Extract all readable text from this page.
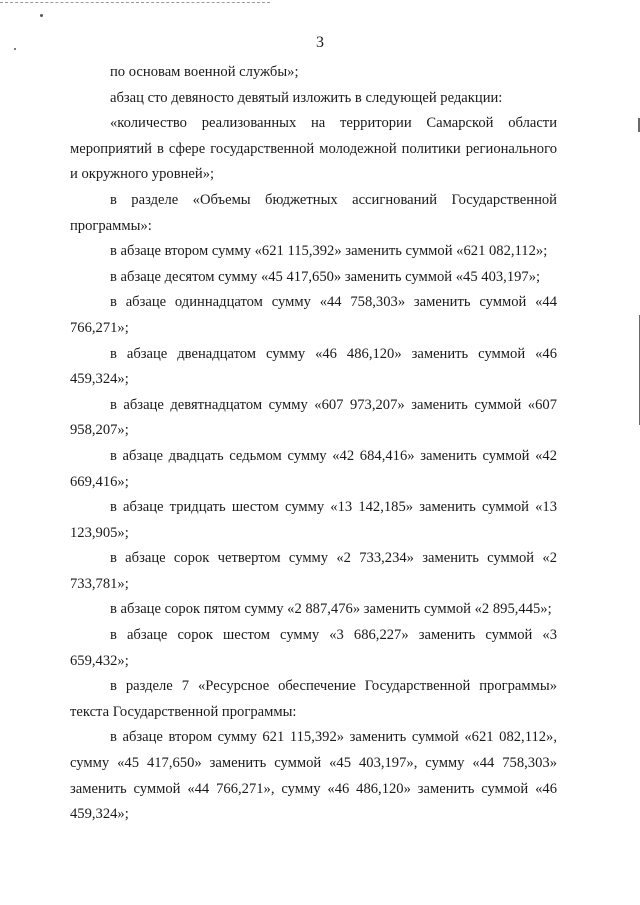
3

по основам военной службы»;

абзац сто девяносто девятый изложить в следующей редакции:

«количество реализованных на территории Самарской области мероприятий в сфере государственной молодежной политики регионального и окружного уровней»;

в разделе «Объемы бюджетных ассигнований Государственной программы»:

в абзаце втором сумму «621 115,392» заменить суммой «621 082,112»;

в абзаце десятом сумму «45 417,650» заменить суммой «45 403,197»;

в абзаце одиннадцатом сумму «44 758,303» заменить суммой «44 766,271»;

в абзаце двенадцатом сумму «46 486,120» заменить суммой «46 459,324»;

в абзаце девятнадцатом сумму «607 973,207» заменить суммой «607 958,207»;

в абзаце двадцать седьмом сумму «42 684,416» заменить суммой «42 669,416»;

в абзаце тридцать шестом сумму «13 142,185» заменить суммой «13 123,905»;

в абзаце сорок четвертом сумму «2 733,234» заменить суммой «2 733,781»;

в абзаце сорок пятом сумму «2 887,476» заменить суммой «2 895,445»;

в абзаце сорок шестом сумму «3 686,227» заменить суммой «3 659,432»;

в разделе 7 «Ресурсное обеспечение Государственной программы» текста Государственной программы:

в абзаце втором сумму 621 115,392» заменить суммой «621 082,112», сумму «45 417,650» заменить суммой «45 403,197», сумму «44 758,303» заменить суммой «44 766,271», сумму «46 486,120» заменить суммой «46 459,324»;
